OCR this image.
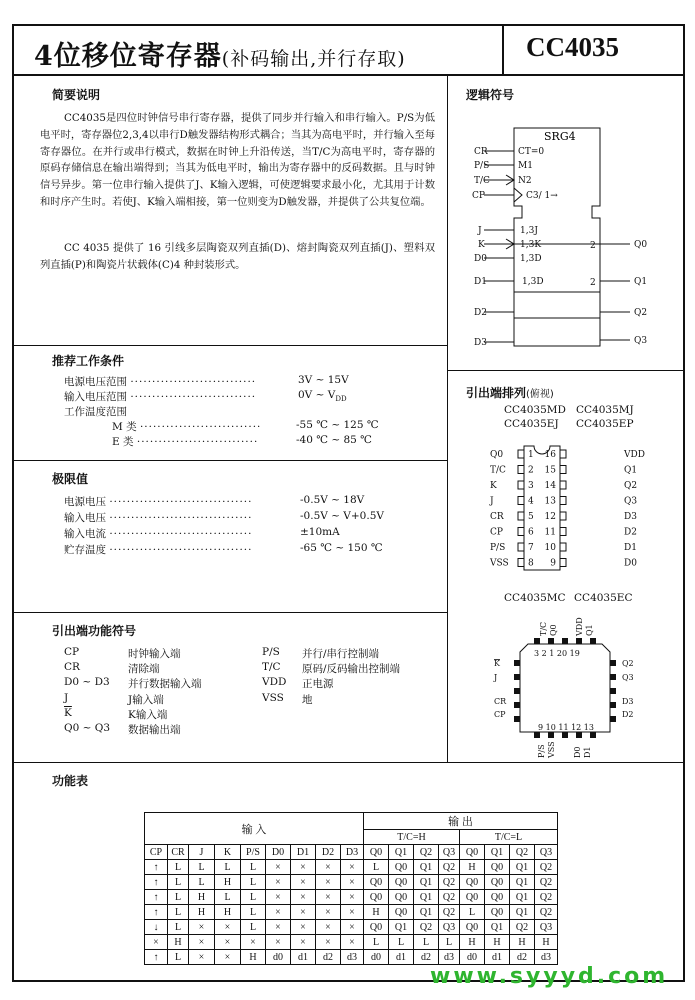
4位移位寄存器(补码输出,并行存取)	CC4035
简要说明
CC4035是四位时钟信号串行寄存器，提供了同步并行输入和串行输入。P/S为低电平时，寄存器位2,3,4以串行D触发器结构形式耦合；当其为高电平时，并行输入至每寄存器位。在并行或串行模式，数据在时钟上升沿传送，当T/C为高电平时，寄存器的原码存储信息在输出端得到；当其为低电平时，输出为寄存器中的反码数据。且与时钟信号异步。第一位串行输入提供了J、K输入逻辑，可使逻辑要求最小化，尤其用于计数和时序产生时。若使J、K输入端相接，第一位则变为D触发器，并提供了公共复位端。
CC 4035 提供了 16 引线多层陶瓷双列直插(D)、熔封陶瓷双列直插(J)、塑料双列直插(P)和陶瓷片状载体(C)4 种封装形式。
推荐工作条件
电源电压范围 ·····························	3V ~ 15V
输入电压范围 ·····························	0V ~ $V_{DD}$
工作温度范围
M 类 ····························	-55 ℃ ~ 125 ℃
E 类 ····························	-40 ℃ ~ 85 ℃
极限值
电源电压 ·································	-0.5V ~ 18V
输入电压 ·································	-0.5V ~ V+0.5V
输入电流 ·································	±10mA
贮存温度 ·································	-65 ℃ ~ 150 ℃
引出端功能符号
CP	时钟输入端
CR	清除端
D0 ~ D3 并行数据输入端
J	J输入端
$\overline{K}$	K输入端
Q0 ~ Q3 数据输出端
P/S 并行/串行控制端
T/C 原码/反码输出控制端
VDD 正电源
VSS 地
逻辑符号
SRG4
CR
P/S
T/C
CP
J
K
D0
D1
D2
D3
CT=0
M1
N2
C3/ 1→
1,3J
1,3K
1,3D
1,3D
2
2
Q0
Q1
Q2
Q3
引出端排列(俯视)
CC4035MD CC4035MJ
CC4035EJ CC4035EP
Q0	1 16	VDD
T/C 2 15	Q1
K	3 14	Q2
J	4 13	Q3
CR	5 12	D3
CP	6 11	D2
P/S	7 10	D1
VSS 8 9	D0
CC4035MC CC4035EC
3 2 1 20 19
9 10 11 12 13
K
J
CR
CP
Q2
Q3
D3
D2
T/C Q0 VDD Q1
P/S VSS D0 D1
功能表
输 入									输 出							
									T/C=H				T/C=L			
CP	CR	J	K	P/S	D0	D1	D2	D3	Q0	Q1	Q2	Q3	Q0	Q1	Q2	Q3
↑	L	L	L	L	×	×	×	×	L	Q0	Q1	Q2	H	Q0	Q1	Q2
↑	L	L	H	L	×	×	×	×	Q0	Q0	Q1	Q2	Q0	Q0	Q1	Q2
↑	L	H	L	L	×	×	×	×	Q0	Q0	Q1	Q2	Q0	Q0	Q1	Q2
↑	L	H	H	L	×	×	×	×	H	Q0	Q1	Q2	L	Q0	Q1	Q2
↓	L	×	×	L	×	×	×	×	Q0	Q1	Q2	Q3	Q0	Q1	Q2	Q3
×	H	×	×	×	×	×	×	×	L	L	L	L	H	H	H	H
↑	L	×	×	H	d0	d1	d2	d3	d0	d1	d2	d3	d0	d1	d2	d3
www.syyyd.com
